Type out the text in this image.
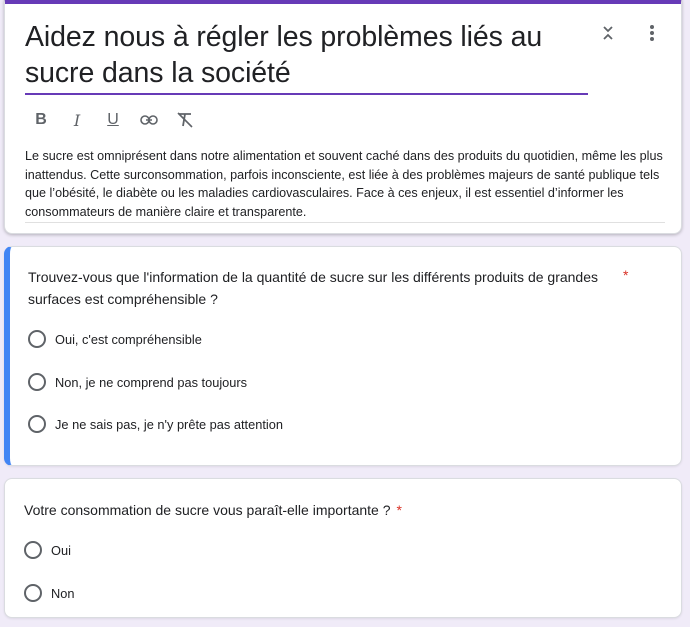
Aidez nous à régler les problèmes liés au sucre dans la société
B	I	U
Le sucre est omniprésent dans notre alimentation et souvent caché dans des produits du quotidien, même les plus inattendus. Cette surconsommation, parfois inconsciente, est liée à des problèmes majeurs de santé publique tels que l’obésité, le diabète ou les maladies cardiovasculaires. Face à ces enjeux, il est essentiel d’informer les consommateurs de manière claire et transparente.
Trouvez-vous que l'information de la quantité de sucre sur les différents produits de grandes surfaces est compréhensible ?
*
Oui, c'est compréhensible
Non, je ne comprend pas toujours
Je ne sais pas, je n'y prête pas attention
Votre consommation de sucre vous paraît-elle importante ? *
Oui
Non
